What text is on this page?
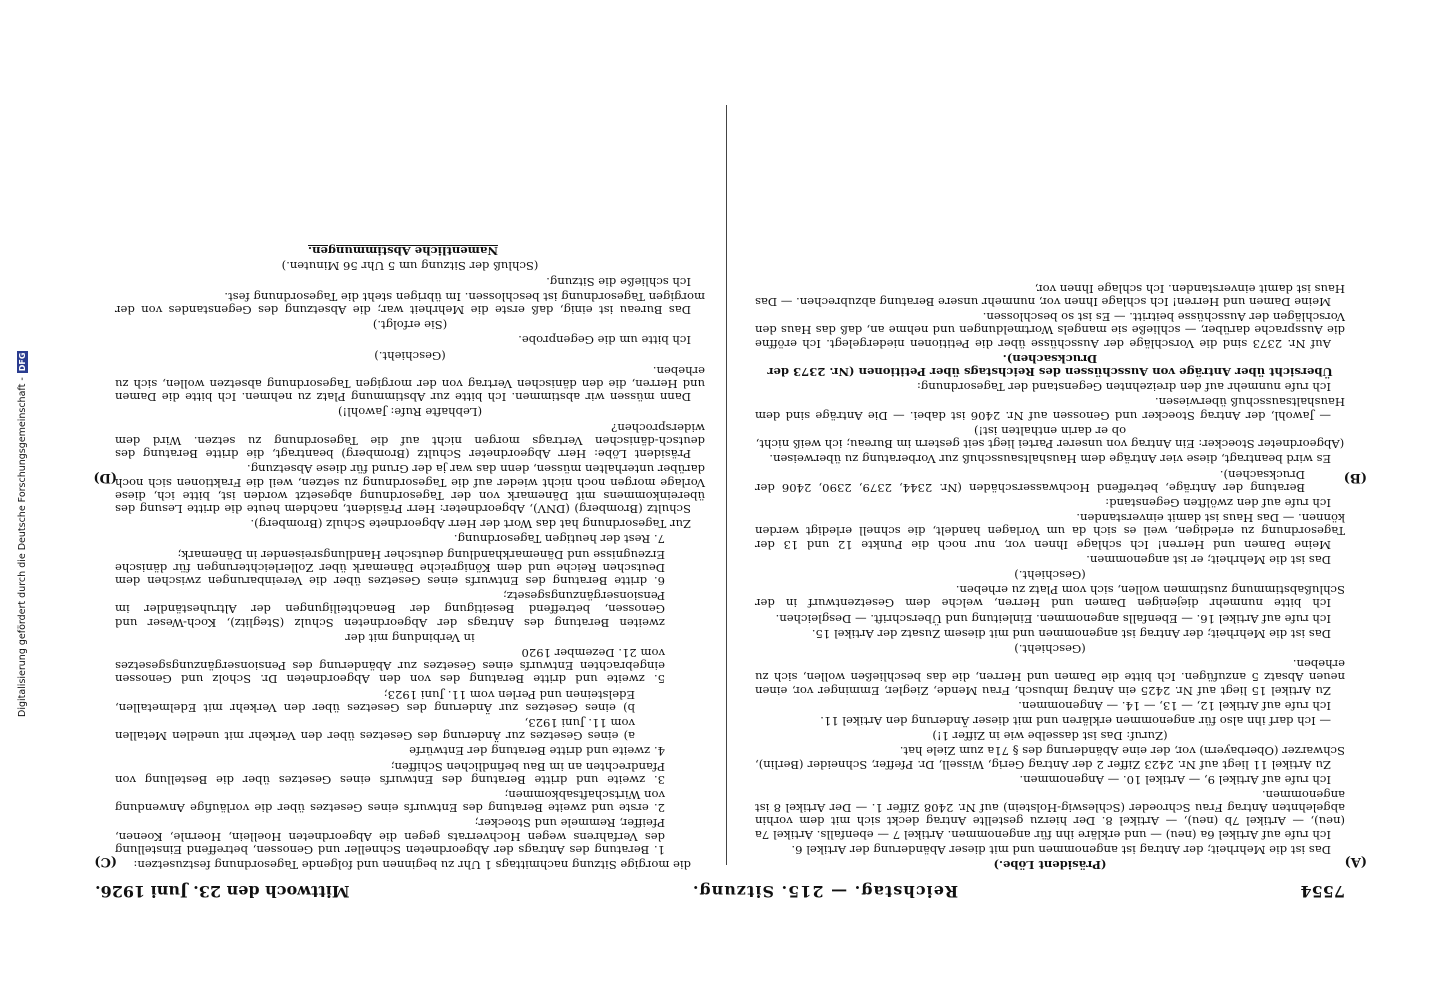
7554
Reichstag. — 215. Sitzung.
Mittwoch den 23. Juni 1926.
(A)
(B)
(C)
(D)

(Präsident Löbe.)

Das ist die Mehrheit; der Antrag ist angenommen und mit dieser Abänderung der Artikel 6.

Ich rufe auf Artikel 6a (neu) — und erkläre ihn für angenommen. Artikel 7 — ebenfalls. Artikel 7a (neu), — Artikel 7b (neu), — Artikel 8. Der hierzu gestellte Antrag deckt sich mit dem vorhin abgelehnten Antrag Frau Schroeder (Schleswig-Holstein) auf Nr. 2408 Ziffer 1. — Der Artikel 8 ist angenommen.

Ich rufe auf Artikel 9, — Artikel 10. — Angenommen.

Zu Artikel 11 liegt auf Nr. 2423 Ziffer 2 der Antrag Gerig, Wissell, Dr. Pfeffer, Schneider (Berlin), Schwarzer (Oberbayern) vor, der eine Abänderung des § 71a zum Ziele hat.

(Zuruf: Das ist dasselbe wie in Ziffer 1!)

— Ich darf ihn also für angenommen erklären und mit dieser Änderung den Artikel 11.

Ich rufe auf Artikel 12, — 13, — 14. — Angenommen.

Zu Artikel 15 liegt auf Nr. 2425 ein Antrag Imbusch, Frau Mende, Ziegler, Emminger vor, einen neuen Absatz 5 anzufügen. Ich bitte die Damen und Herren, die das beschließen wollen, sich zu erheben.

(Geschieht.)

Das ist die Mehrheit; der Antrag ist angenommen und mit diesem Zusatz der Artikel 15.

Ich rufe auf Artikel 16. — Ebenfalls angenommen. Einleitung und Überschrift. — Desgleichen.

Ich bitte nunmehr diejenigen Damen und Herren, welche dem Gesetzentwurf in der Schlußabstimmung zustimmen wollen, sich vom Platz zu erheben.

(Geschieht.)

Das ist die Mehrheit; er ist angenommen.

Meine Damen und Herren! Ich schlage Ihnen vor, nur noch die Punkte 12 und 13 der Tagesordnung zu erledigen, weil es sich da um Vorlagen handelt, die schnell erledigt werden können. — Das Haus ist damit einverstanden.

Ich rufe auf den zwölften Gegenstand:

Beratung der Anträge, betreffend Hochwasserschäden (Nr. 2344, 2379, 2390, 2406 der Drucksachen).

Es wird beantragt, diese vier Anträge dem Haushaltsausschuß zur Vorberatung zu überweisen.

(Abgeordneter Stoecker: Ein Antrag von unserer Partei liegt seit gestern im Bureau; ich weiß nicht, ob er darin enthalten ist!)

— Jawohl, der Antrag Stoecker und Genossen auf Nr. 2406 ist dabei. — Die Anträge sind dem Haushaltsausschuß überwiesen.

Ich rufe nunmehr auf den dreizehnten Gegenstand der Tagesordnung:

Übersicht über Anträge von Ausschüssen des Reichstags über Petitionen (Nr. 2373 der Drucksachen).

Auf Nr. 2373 sind die Vorschläge der Ausschüsse über die Petitionen niedergelegt. Ich eröffne die Aussprache darüber, — schließe sie mangels Wortmeldungen und nehme an, daß das Haus den Vorschlägen der Ausschüsse beitritt. — Es ist so beschlossen.

Meine Damen und Herren! Ich schlage Ihnen vor, nunmehr unsere Beratung abzubrechen. — Das Haus ist damit einverstanden. Ich schlage Ihnen vor,

die morgige Sitzung nachmittags 1 Uhr zu beginnen und folgende Tagesordnung festzusetzen:

1. Beratung des Antrags der Abgeordneten Schneller und Genossen, betreffend Einstellung des Verfahrens wegen Hochverrats gegen die Abgeordneten Hoellein, Hoernle, Koenen, Pfeiffer, Remmele und Stoecker;

2. erste und zweite Beratung des Entwurfs eines Gesetzes über die vorläufige Anwendung von Wirtschaftsabkommen;

3. zweite und dritte Beratung des Entwurfs eines Gesetzes über die Bestellung von Pfandrechten an im Bau befindlichen Schiffen;

4. zweite und dritte Beratung der Entwürfe

a) eines Gesetzes zur Änderung des Gesetzes über den Verkehr mit unedlen Metallen vom 11. Juni 1923,

b) eines Gesetzes zur Änderung des Gesetzes über den Verkehr mit Edelmetallen, Edelsteinen und Perlen vom 11. Juni 1923;

5. zweite und dritte Beratung des von den Abgeordneten Dr. Scholz und Genossen eingebrachten Entwurfs eines Gesetzes zur Abänderung des Pensionsergänzungsgesetzes vom 21. Dezember 1920

in Verbindung mit der

zweiten Beratung des Antrags der Abgeordneten Schulz (Steglitz), Koch-Weser und Genossen, betreffend Beseitigung der Benachteiligungen der Altruheständler im Pensionsergänzungsgesetz;

6. dritte Beratung des Entwurfs eines Gesetzes über die Vereinbarungen zwischen dem Deutschen Reiche und dem Königreiche Dänemark über Zollerleichterungen für dänische Erzeugnisse und Dänemarkhandlung deutscher Handlungsreisender in Dänemark;

7. Rest der heutigen Tagesordnung.

Zur Tagesordnung hat das Wort der Herr Abgeordnete Schulz (Bromberg).

Schultz (Bromberg) (DNV), Abgeordneter: Herr Präsident, nachdem heute die dritte Lesung des übereinkommens mit Dänemark von der Tagesordnung abgesetzt worden ist, bitte ich, diese Vorlage morgen noch nicht wieder auf die Tagesordnung zu setzen, weil die Fraktionen sich noch darüber unterhalten müssen, denn das war ja der Grund für diese Absetzung.

Präsident Löbe: Herr Abgeordneter Schultz (Bromberg) beantragt, die dritte Beratung des deutsch-dänischen Vertrags morgen nicht auf die Tagesordnung zu setzen. Wird dem widersprochen?

(Lebhafte Rufe: Jawohl!)

Dann müssen wir abstimmen. Ich bitte zur Abstimmung Platz zu nehmen. Ich bitte die Damen und Herren, die den dänischen Vertrag von der morgigen Tagesordnung absetzen wollen, sich zu erheben.

(Geschieht.)

Ich bitte um die Gegenprobe.

(Sie erfolgt.)

Das Bureau ist einig, daß erste die Mehrheit war; die Absetzung des Gegenstandes von der morgigen Tagesordnung ist beschlossen. Im übrigen steht die Tagesordnung fest.

Ich schließe die Sitzung.

(Schluß der Sitzung um 5 Uhr 56 Minuten.)

Namentliche Abstimmungen.

Digitalisierung gefördert durch die Deutsche Forschungsgemeinschaft -
DFG
